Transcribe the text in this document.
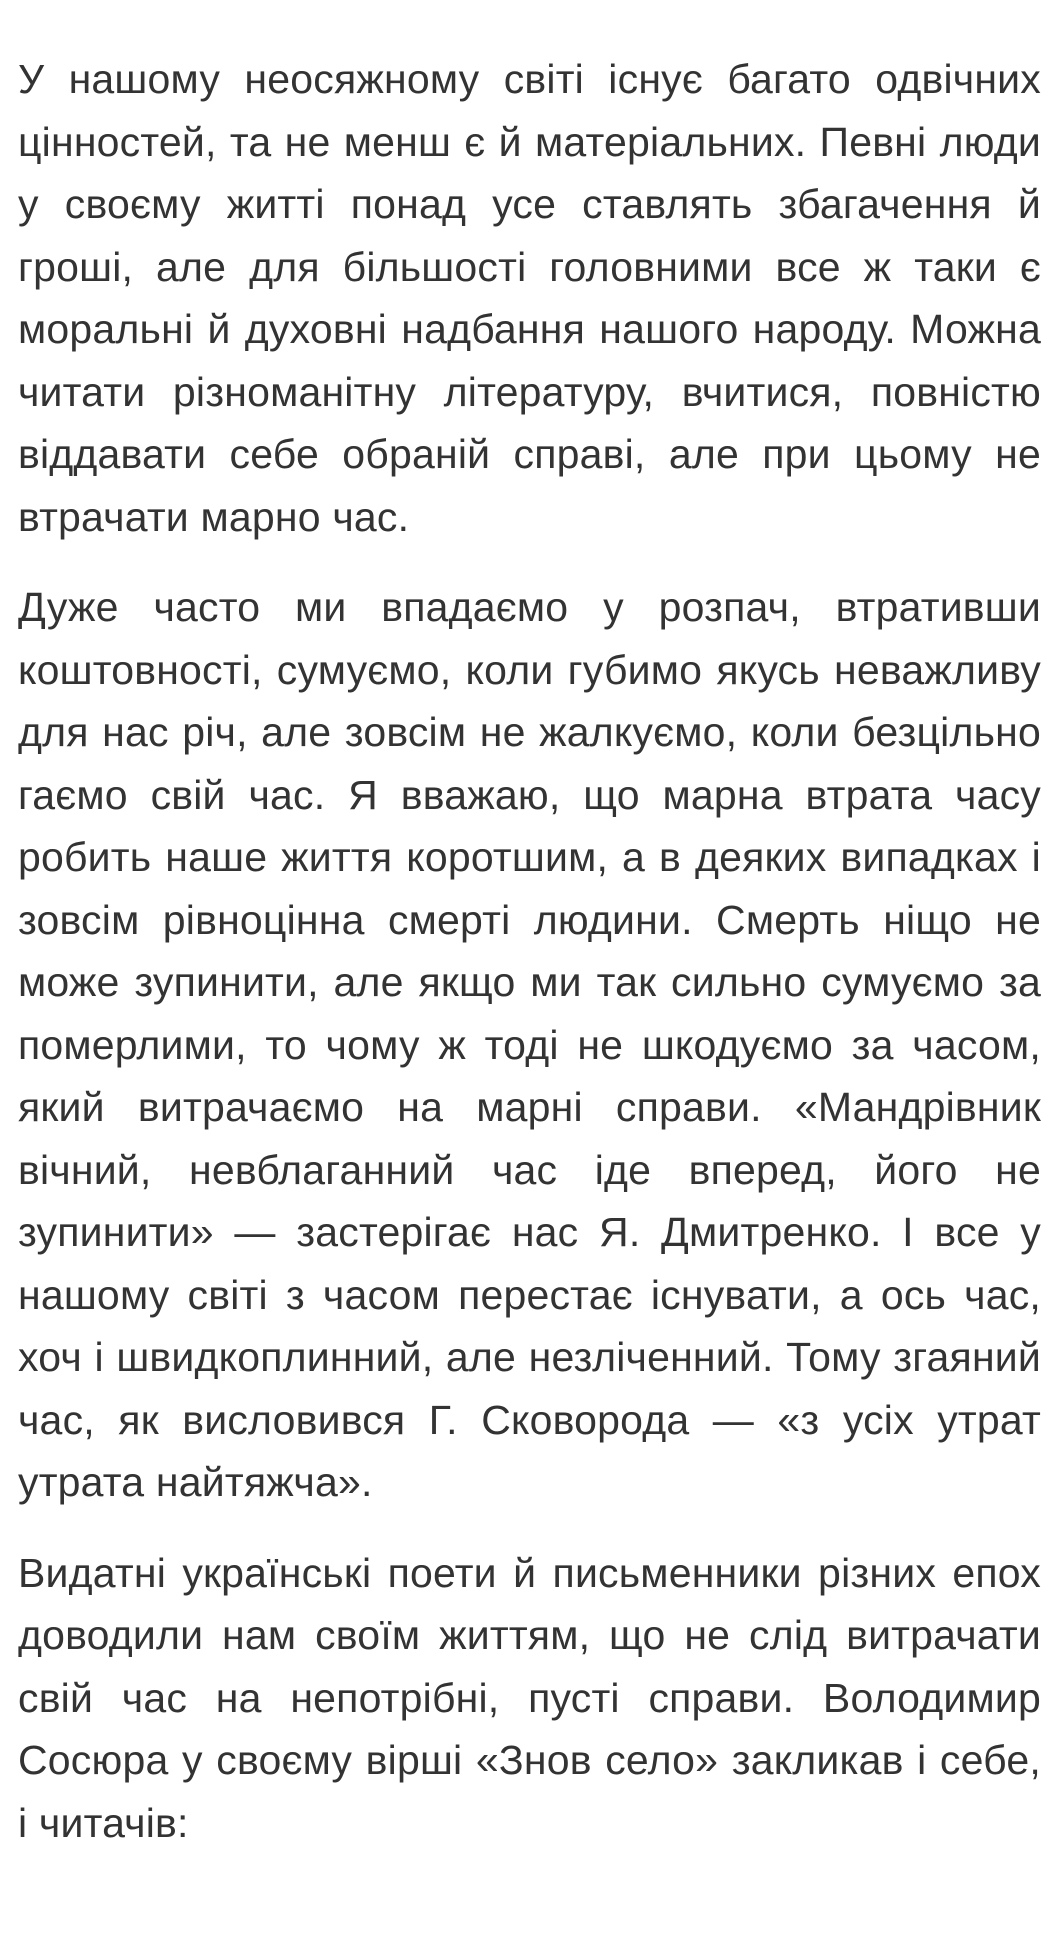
У нашому неосяжному світі існує багато одвічних цінностей, та не менш є й матеріальних. Певні люди у своєму житті понад усе ставлять збагачення й гроші, але для більшості головними все ж таки є моральні й духовні надбання нашого народу. Можна читати різноманітну літературу, вчитися, повністю віддавати себе обраній справі, але при цьому не втрачати марно час.

Дуже часто ми впадаємо у розпач, втративши коштовності, сумуємо, коли губимо якусь неважливу для нас річ, але зовсім не жалкуємо, коли безцільно гаємо свій час. Я вважаю, що марна втрата часу робить наше життя коротшим, а в деяких випадках і зовсім рівноцінна смерті людини. Смерть ніщо не може зупинити, але якщо ми так сильно сумуємо за померлими, то чому ж тоді не шкодуємо за часом, який витрачаємо на марні справи. «Мандрівник вічний, невблаганний час іде вперед, його не зупинити» — застерігає нас Я. Дмитренко. І все у нашому світі з часом перестає існувати, а ось час, хоч і швидкоплинний, але незліченний. Тому згаяний час, як висловився Г. Сковорода — «з усіх утрат утрата найтяжча».

Видатні українські поети й письменники різних епох доводили нам своїм життям, що не слід витрачати свій час на непотрібні, пусті справи. Володимир Сосюра у своєму вірші «Знов село» закликав і себе, і читачів:
